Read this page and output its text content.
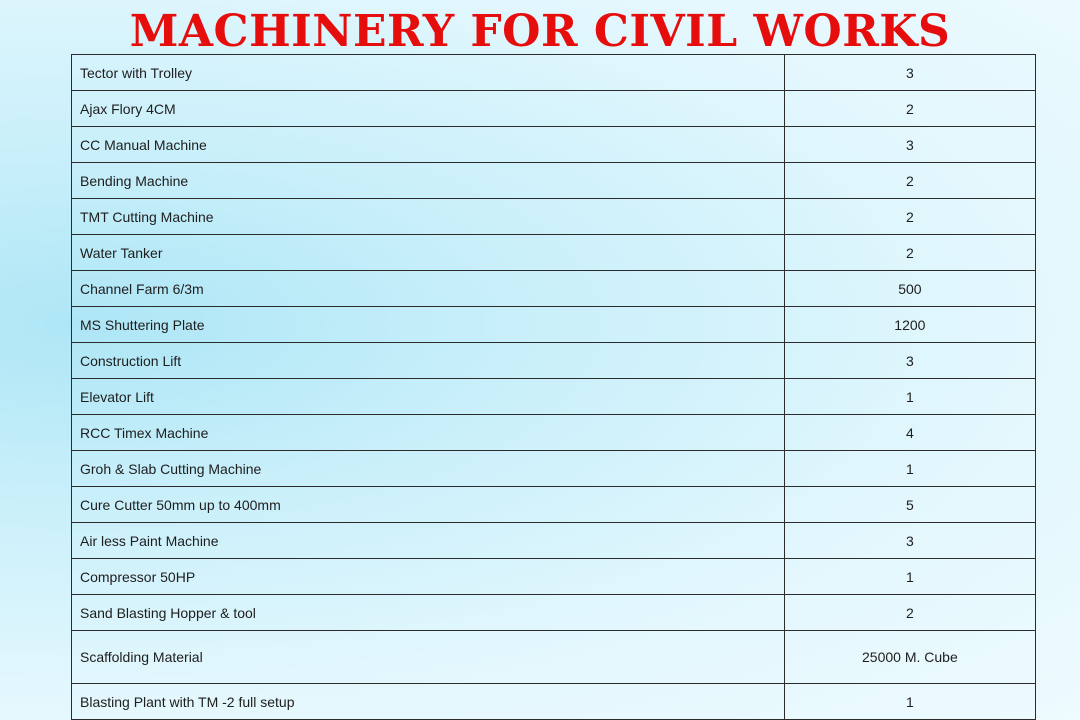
MACHINERY FOR CIVIL WORKS
Tector with Trolley	3
Ajax Flory 4CM	2
CC Manual Machine	3
Bending Machine	2
TMT Cutting Machine	2
Water Tanker	2
Channel Farm 6/3m	500
MS Shuttering Plate	1200
Construction Lift	3
Elevator Lift	1
RCC Timex Machine	4
Groh & Slab Cutting Machine	1
Cure Cutter 50mm up to 400mm	5
Air less Paint Machine	3
Compressor 50HP	1
Sand Blasting Hopper & tool	2
Scaffolding Material	25000 M. Cube
Blasting Plant with TM -2 full setup	1
